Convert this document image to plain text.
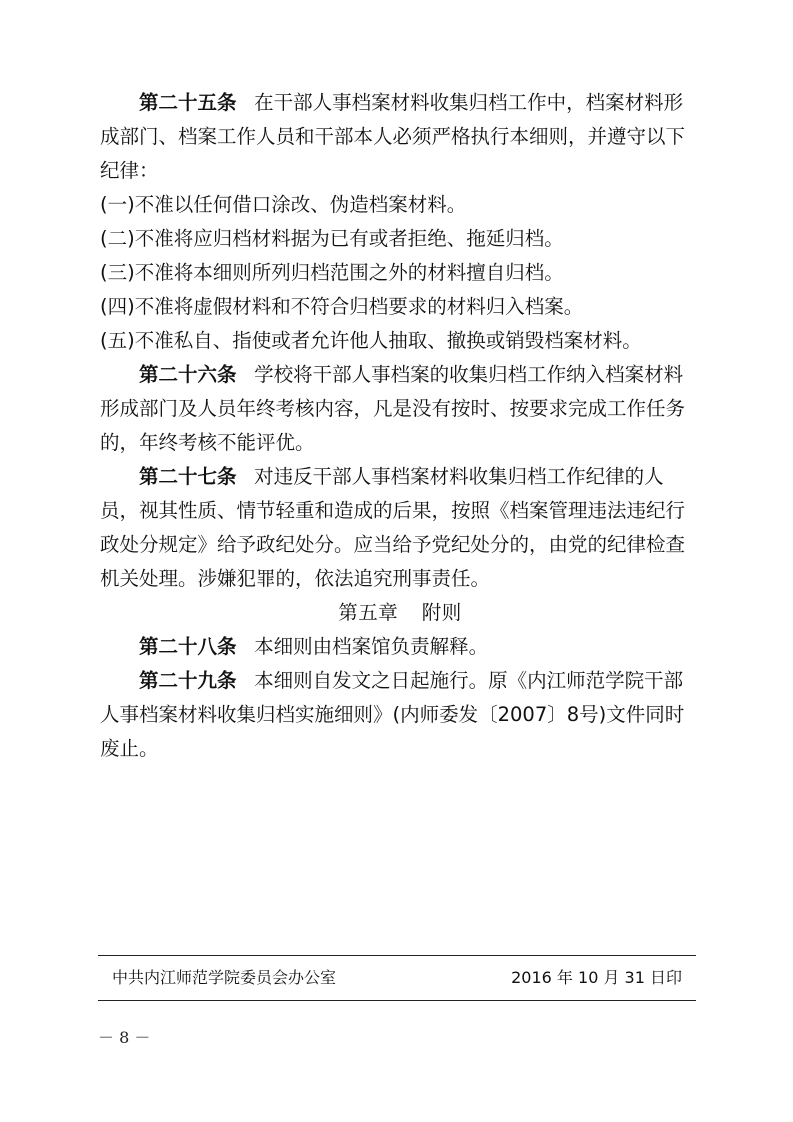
第二十五条 在干部人事档案材料收集归档工作中，档案材料形成部门、档案工作人员和干部本人必须严格执行本细则，并遵守以下纪律：

(一)不准以任何借口涂改、伪造档案材料。

(二)不准将应归档材料据为已有或者拒绝、拖延归档。

(三)不准将本细则所列归档范围之外的材料擅自归档。

(四)不准将虚假材料和不符合归档要求的材料归入档案。

(五)不准私自、指使或者允许他人抽取、撤换或销毁档案材料。

第二十六条 学校将干部人事档案的收集归档工作纳入档案材料形成部门及人员年终考核内容，凡是没有按时、按要求完成工作任务的，年终考核不能评优。

第二十七条 对违反干部人事档案材料收集归档工作纪律的人员，视其性质、情节轻重和造成的后果，按照《档案管理违法违纪行政处分规定》给予政纪处分。应当给予党纪处分的，由党的纪律检查机关处理。涉嫌犯罪的，依法追究刑事责任。

第五章 附则

第二十八条 本细则由档案馆负责解释。

第二十九条 本细则自发文之日起施行。原《内江师范学院干部人事档案材料收集归档实施细则》(内师委发〔2007〕8号)文件同时废止。

中共内江师范学院委员会办公室	2016 年 10 月 31 日印
－ 8 －
